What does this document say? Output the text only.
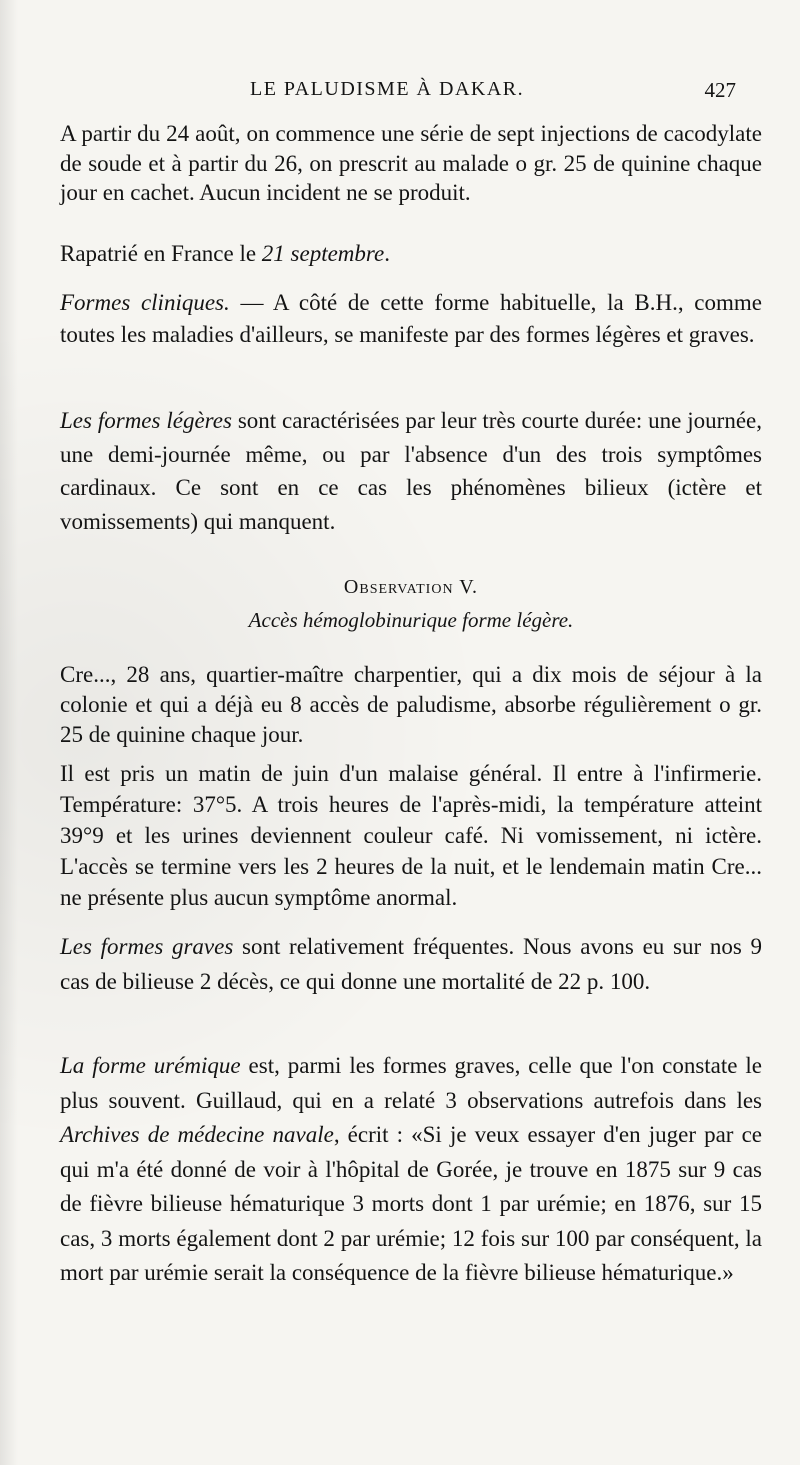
LE PALUDISME À DAKAR.	427

A partir du 24 août, on commence une série de sept injections de cacodylate de soude et à partir du 26, on prescrit au malade o gr. 25 de quinine chaque jour en cachet. Aucun incident ne se produit.

Rapatrié en France le 21 septembre.

Formes cliniques. — A côté de cette forme habituelle, la B.H., comme toutes les maladies d'ailleurs, se manifeste par des formes légères et graves.

Les formes légères sont caractérisées par leur très courte durée: une journée, une demi-journée même, ou par l'absence d'un des trois symptômes cardinaux. Ce sont en ce cas les phénomènes bilieux (ictère et vomissements) qui manquent.

Observation V.

Accès hémoglobinurique forme légère.

Cre..., 28 ans, quartier-maître charpentier, qui a dix mois de séjour à la colonie et qui a déjà eu 8 accès de paludisme, absorbe régulièrement o gr. 25 de quinine chaque jour.

Il est pris un matin de juin d'un malaise général. Il entre à l'infirmerie. Température: 37°5. A trois heures de l'après-midi, la température atteint 39°9 et les urines deviennent couleur café. Ni vomissement, ni ictère. L'accès se termine vers les 2 heures de la nuit, et le lendemain matin Cre... ne présente plus aucun symptôme anormal.

Les formes graves sont relativement fréquentes. Nous avons eu sur nos 9 cas de bilieuse 2 décès, ce qui donne une mortalité de 22 p. 100.

La forme urémique est, parmi les formes graves, celle que l'on constate le plus souvent. Guillaud, qui en a relaté 3 observations autrefois dans les Archives de médecine navale, écrit : «Si je veux essayer d'en juger par ce qui m'a été donné de voir à l'hôpital de Gorée, je trouve en 1875 sur 9 cas de fièvre bilieuse hématurique 3 morts dont 1 par urémie; en 1876, sur 15 cas, 3 morts également dont 2 par urémie; 12 fois sur 100 par conséquent, la mort par urémie serait la conséquence de la fièvre bilieuse hématurique.»
